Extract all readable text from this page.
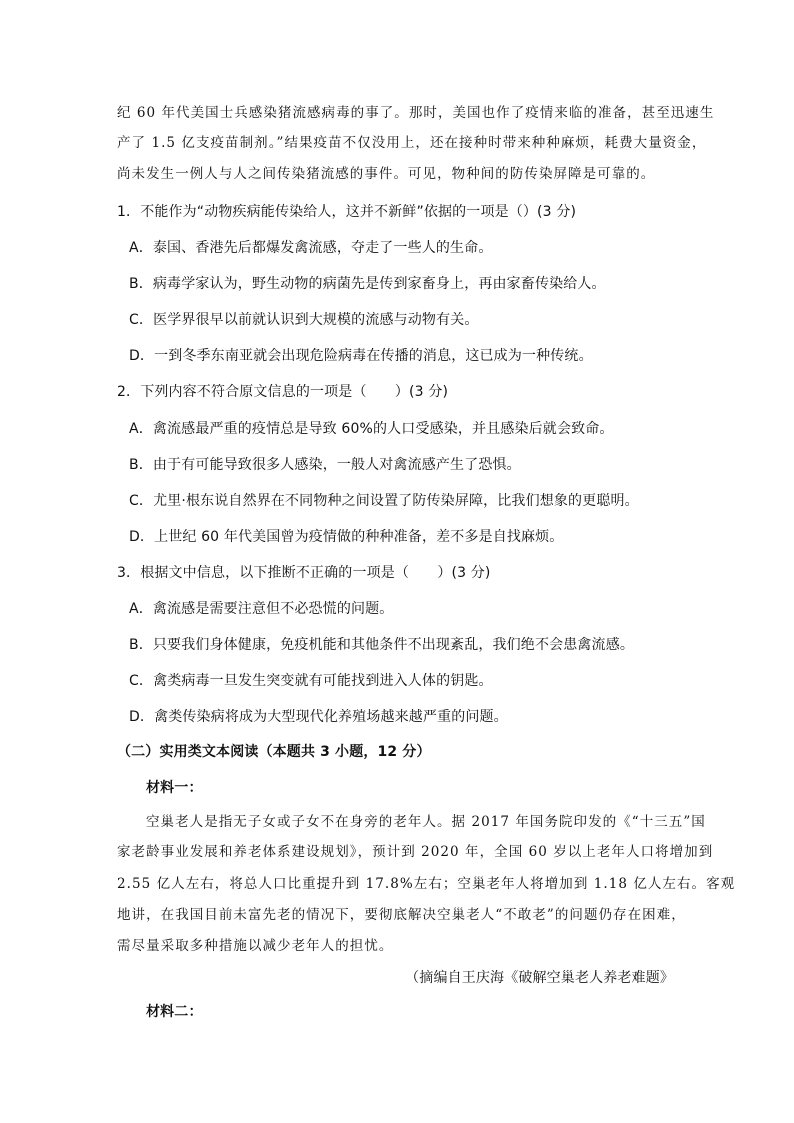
纪 60 年代美国士兵感染猪流感病毒的事了。那时，美国也作了疫情来临的准备，甚至迅速生
产了 1.5 亿支疫苗制剂。”结果疫苗不仅没用上，还在接种时带来种种麻烦，耗费大量资金，
尚未发生一例人与人之间传染猪流感的事件。可见，物种间的防传染屏障是可靠的。
1．不能作为“动物疾病能传染给人，这并不新鲜”依据的一项是（）(3 分)
A．泰国、香港先后都爆发禽流感，夺走了一些人的生命。
B．病毒学家认为，野生动物的病菌先是传到家畜身上，再由家畜传染给人。
C．医学界很早以前就认识到大规模的流感与动物有关。
D．一到冬季东南亚就会出现危险病毒在传播的消息，这已成为一种传统。
2．下列内容不符合原文信息的一项是（　　）(3 分)
A．禽流感最严重的疫情总是导致 60%的人口受感染，并且感染后就会致命。
B．由于有可能导致很多人感染，一般人对禽流感产生了恐惧。
C．尤里·根东说自然界在不同物种之间设置了防传染屏障，比我们想象的更聪明。
D．上世纪 60 年代美国曾为疫情做的种种准备，差不多是自找麻烦。
3．根据文中信息，以下推断不正确的一项是（　　）(3 分)
A．禽流感是需要注意但不必恐慌的问题。
B．只要我们身体健康，免疫机能和其他条件不出现紊乱，我们绝不会患禽流感。
C．禽类病毒一旦发生突变就有可能找到进入人体的钥匙。
D．禽类传染病将成为大型现代化养殖场越来越严重的问题。
（二）实用类文本阅读（本题共 3 小题，12 分）
材料一：
空巢老人是指无子女或子女不在身旁的老年人。据 2017 年国务院印发的《“十三五”国
家老龄事业发展和养老体系建设规划》，预计到 2020 年，全国 60 岁以上老年人口将增加到
2.55 亿人左右，将总人口比重提升到 17.8%左右；空巢老年人将增加到 1.18 亿人左右。客观
地讲，在我国目前未富先老的情况下，要彻底解决空巢老人“不敢老”的问题仍存在困难，
需尽量采取多种措施以减少老年人的担忧。
（摘编自王庆海《破解空巢老人养老难题》
材料二：
